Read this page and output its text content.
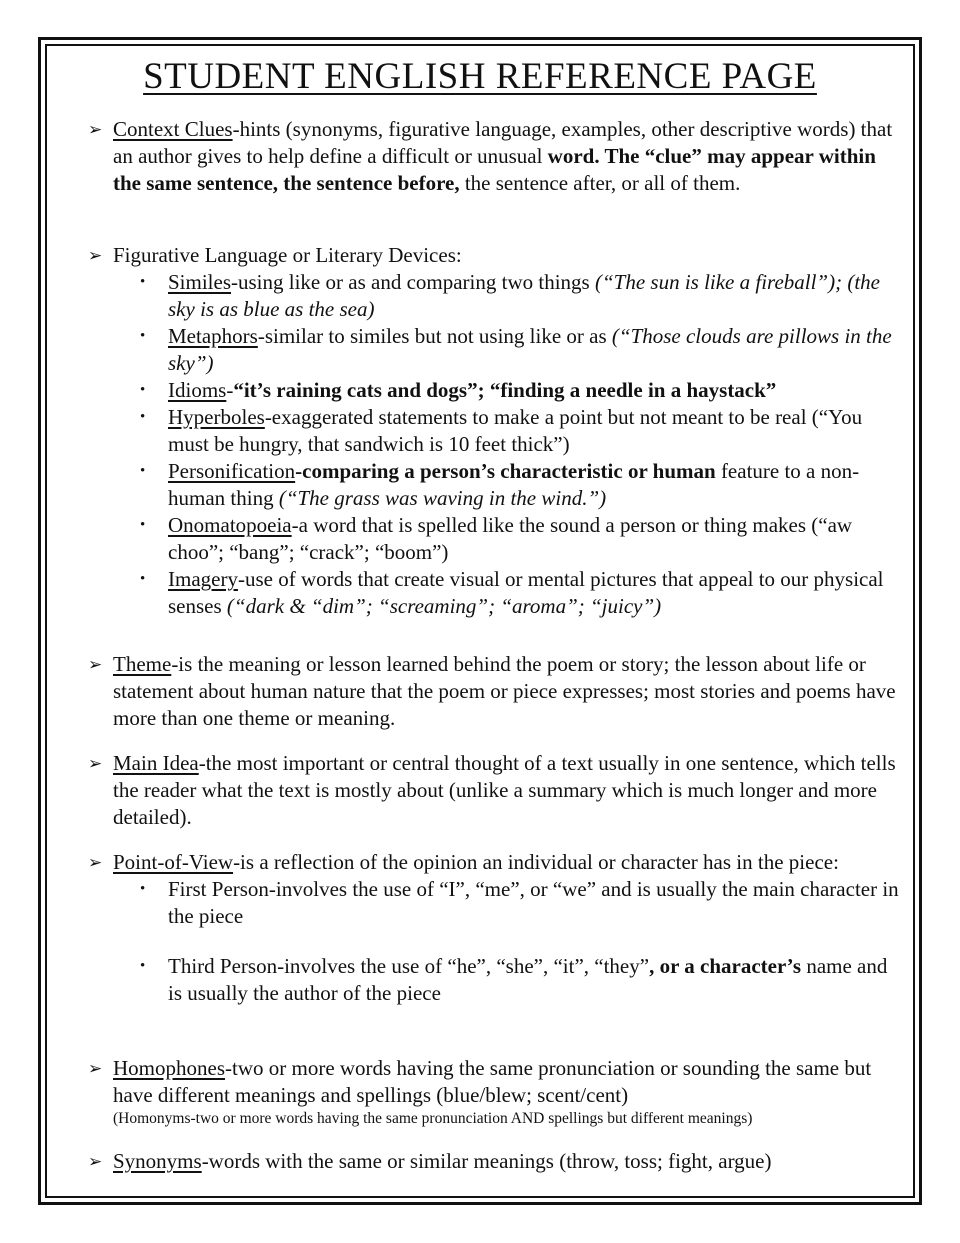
STUDENT ENGLISH REFERENCE PAGE
➢ Context Clues-hints (synonyms, figurative language, examples, other descriptive words) that an author gives to help define a difficult or unusual word. The “clue” may appear within the same sentence, the sentence before, the sentence after, or all of them.
➢ Figurative Language or Literary Devices:
• Similes-using like or as and comparing two things (“The sun is like a fireball”); (the sky is as blue as the sea)
• Metaphors-similar to similes but not using like or as (“Those clouds are pillows in the sky”)
• Idioms-“it’s raining cats and dogs”; “finding a needle in a haystack”
• Hyperboles-exaggerated statements to make a point but not meant to be real (“You must be hungry, that sandwich is 10 feet thick”)
• Personification-comparing a person’s characteristic or human feature to a non-human thing (“The grass was waving in the wind.”)
• Onomatopoeia-a word that is spelled like the sound a person or thing makes (“aw choo”; “bang”; “crack”; “boom”)
• Imagery-use of words that create visual or mental pictures that appeal to our physical senses (“dark & “dim”; “screaming”; “aroma”; “juicy”)
➢ Theme-is the meaning or lesson learned behind the poem or story; the lesson about life or statement about human nature that the poem or piece expresses; most stories and poems have more than one theme or meaning.
➢ Main Idea-the most important or central thought of a text usually in one sentence, which tells the reader what the text is mostly about (unlike a summary which is much longer and more detailed).
➢ Point-of-View-is a reflection of the opinion an individual or character has in the piece:
• First Person-involves the use of “I”, “me”, or “we” and is usually the main character in the piece
• Third Person-involves the use of “he”, “she”, “it”, “they”, or a character’s name and is usually the author of the piece
➢ Homophones-two or more words having the same pronunciation or sounding the same but have different meanings and spellings (blue/blew; scent/cent)
(Homonyms-two or more words having the same pronunciation AND spellings but different meanings)
➢ Synonyms-words with the same or similar meanings (throw, toss; fight, argue)
